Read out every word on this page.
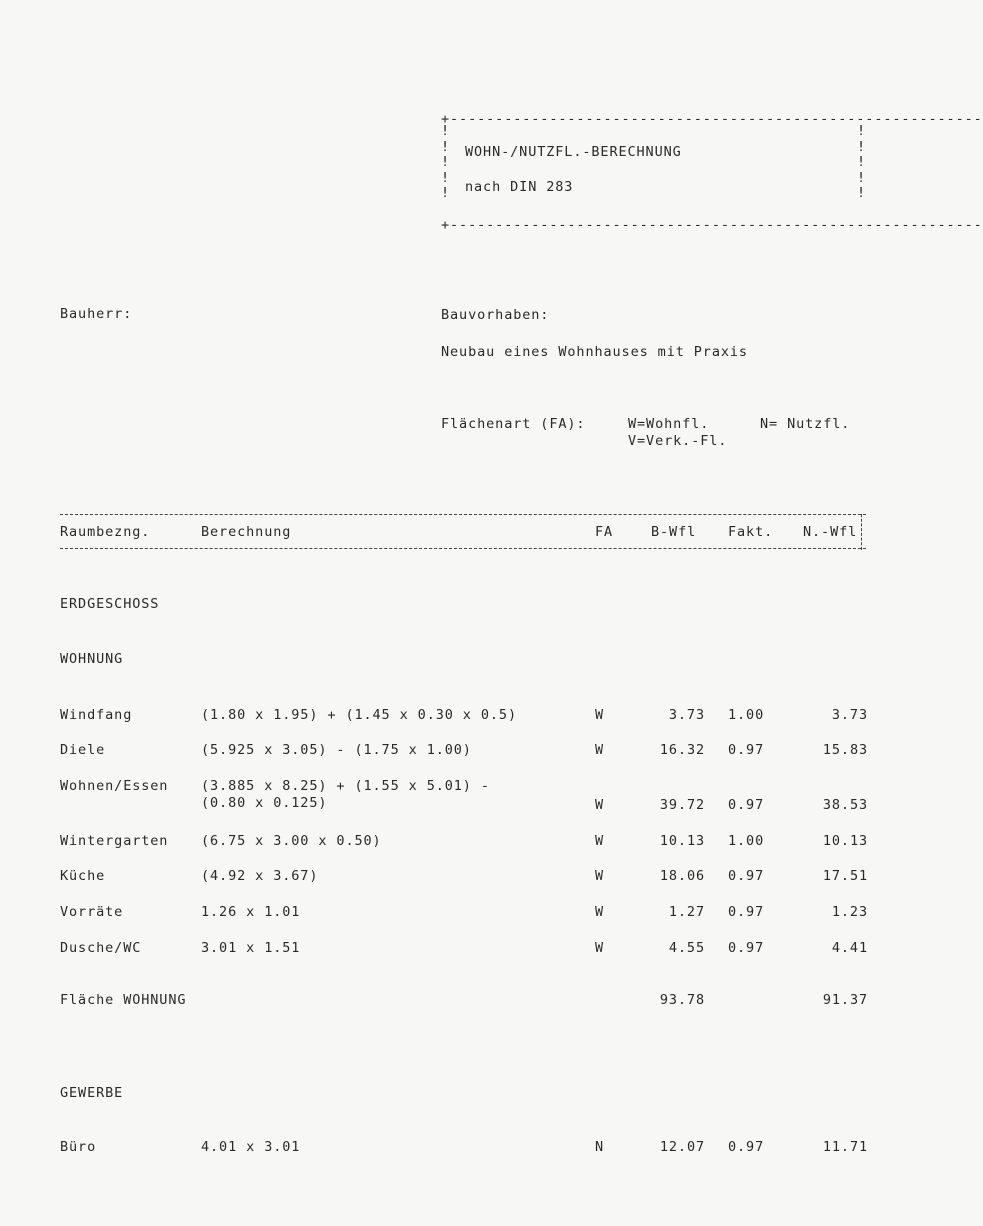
+-----------------------------------------------------------
!
!
!
!
!
!
!
!
!
!
WOHN-/NUTZFL.-BERECHNUNG
nach DIN 283
+-----------------------------------------------------------
Bauherr:	Bauvorhaben:
Neubau eines Wohnhauses mit Praxis
Flächenart (FA):	W=Wohnfl.	N= Nutzfl.
V=Verk.-Fl.
Raumbezng.	Berechnung	FA	B-Wfl Fakt. N.-Wfl
ERDGESCHOSS
WOHNUNG
Windfang	(1.80 x 1.95) + (1.45 x 0.30 x 0.5)	W	3.73 1.00	3.73
Diele	(5.925 x 3.05) - (1.75 x 1.00)	W	16.32 0.97	15.83
Wohnen/Essen (3.885 x 8.25) + (1.55 x 5.01) -
(0.80 x 0.125)	W	39.72 0.97	38.53
Wintergarten (6.75 x 3.00 x 0.50)	W	10.13 1.00	10.13
Küche	(4.92 x 3.67)	W	18.06 0.97	17.51
Vorräte	1.26 x 1.01	W	1.27 0.97	1.23
Dusche/WC	3.01 x 1.51	W	4.55 0.97	4.41
Fläche WOHNUNG	93.78	91.37
GEWERBE
Büro	4.01 x 3.01	N	12.07 0.97	11.71
